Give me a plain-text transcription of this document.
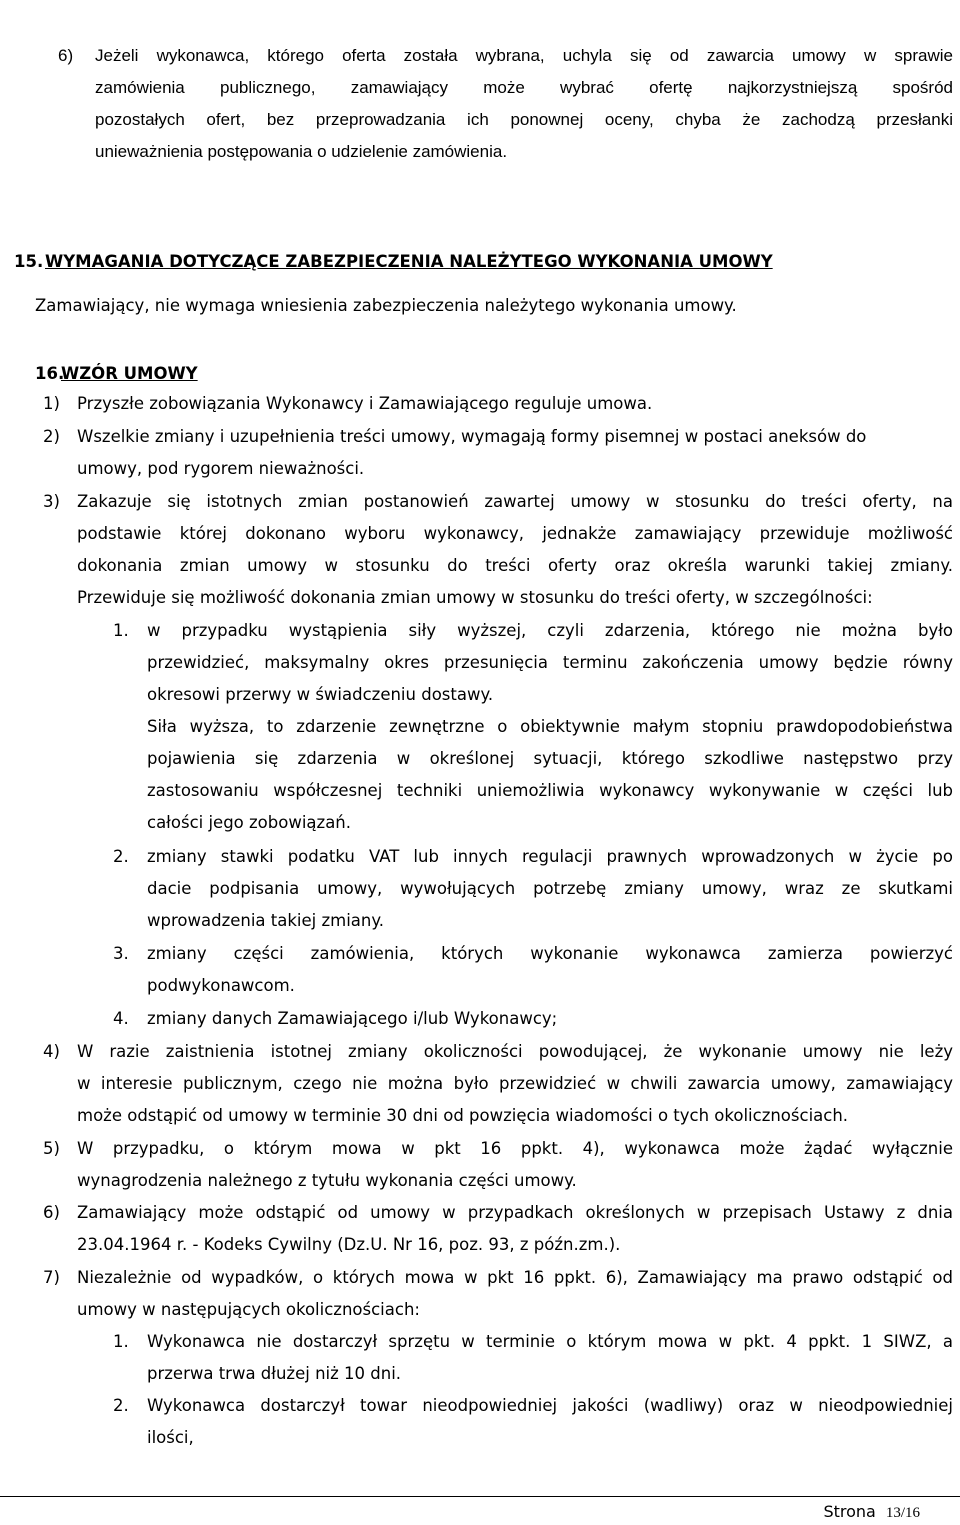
6) Jeżeli wykonawca, którego oferta została wybrana, uchyla się od zawarcia umowy w sprawie
zamówienia publicznego, zamawiający może wybrać ofertę najkorzystniejszą spośród
pozostałych ofert, bez przeprowadzania ich ponownej oceny, chyba że zachodzą przesłanki
unieważnienia postępowania o udzielenie zamówienia.
15. WYMAGANIA DOTYCZĄCE ZABEZPIECZENIA NALEŻYTEGO WYKONANIA UMOWY
Zamawiający, nie wymaga wniesienia zabezpieczenia należytego wykonania umowy.
16.
WZÓR UMOWY
1) Przyszłe zobowiązania Wykonawcy i Zamawiającego reguluje umowa.
2) Wszelkie zmiany i uzupełnienia treści umowy, wymagają formy pisemnej w postaci aneksów do
umowy, pod rygorem nieważności.
3) Zakazuje się istotnych zmian postanowień zawartej umowy w stosunku do treści oferty, na
podstawie której dokonano wyboru wykonawcy, jednakże zamawiający przewiduje możliwość
dokonania zmian umowy w stosunku do treści oferty oraz określa warunki takiej zmiany.
Przewiduje się możliwość dokonania zmian umowy w stosunku do treści oferty, w szczególności:
1. w przypadku wystąpienia siły wyższej, czyli zdarzenia, którego nie można było
przewidzieć, maksymalny okres przesunięcia terminu zakończenia umowy będzie równy
okresowi przerwy w świadczeniu dostawy.
Siła wyższa, to zdarzenie zewnętrzne o obiektywnie małym stopniu prawdopodobieństwa
pojawienia się zdarzenia w określonej sytuacji, którego szkodliwe następstwo przy
zastosowaniu współczesnej techniki uniemożliwia wykonawcy wykonywanie w części lub
całości jego zobowiązań.
2. zmiany stawki podatku VAT lub innych regulacji prawnych wprowadzonych w życie po
dacie podpisania umowy, wywołujących potrzebę zmiany umowy, wraz ze skutkami
wprowadzenia takiej zmiany.
3. zmiany części zamówienia, których wykonanie wykonawca zamierza powierzyć
podwykonawcom.
4. zmiany danych Zamawiającego i/lub Wykonawcy;
4) W razie zaistnienia istotnej zmiany okoliczności powodującej, że wykonanie umowy nie leży
w interesie publicznym, czego nie można było przewidzieć w chwili zawarcia umowy, zamawiający
może odstąpić od umowy w terminie 30 dni od powzięcia wiadomości o tych okolicznościach.
5) W przypadku, o którym mowa w pkt 16 ppkt. 4), wykonawca może żądać wyłącznie
wynagrodzenia należnego z tytułu wykonania części umowy.
6) Zamawiający może odstąpić od umowy w przypadkach określonych w przepisach Ustawy z dnia
23.04.1964 r. - Kodeks Cywilny (Dz.U. Nr 16, poz. 93, z późn.zm.).
7) Niezależnie od wypadków, o których mowa w pkt 16 ppkt. 6), Zamawiający ma prawo odstąpić od
umowy w następujących okolicznościach:
1. Wykonawca nie dostarczył sprzętu w terminie o którym mowa w pkt. 4 ppkt. 1 SIWZ, a
przerwa trwa dłużej niż 10 dni.
2. Wykonawca dostarczył towar nieodpowiedniej jakości (wadliwy) oraz w nieodpowiedniej
ilości,
Strona 13/16
